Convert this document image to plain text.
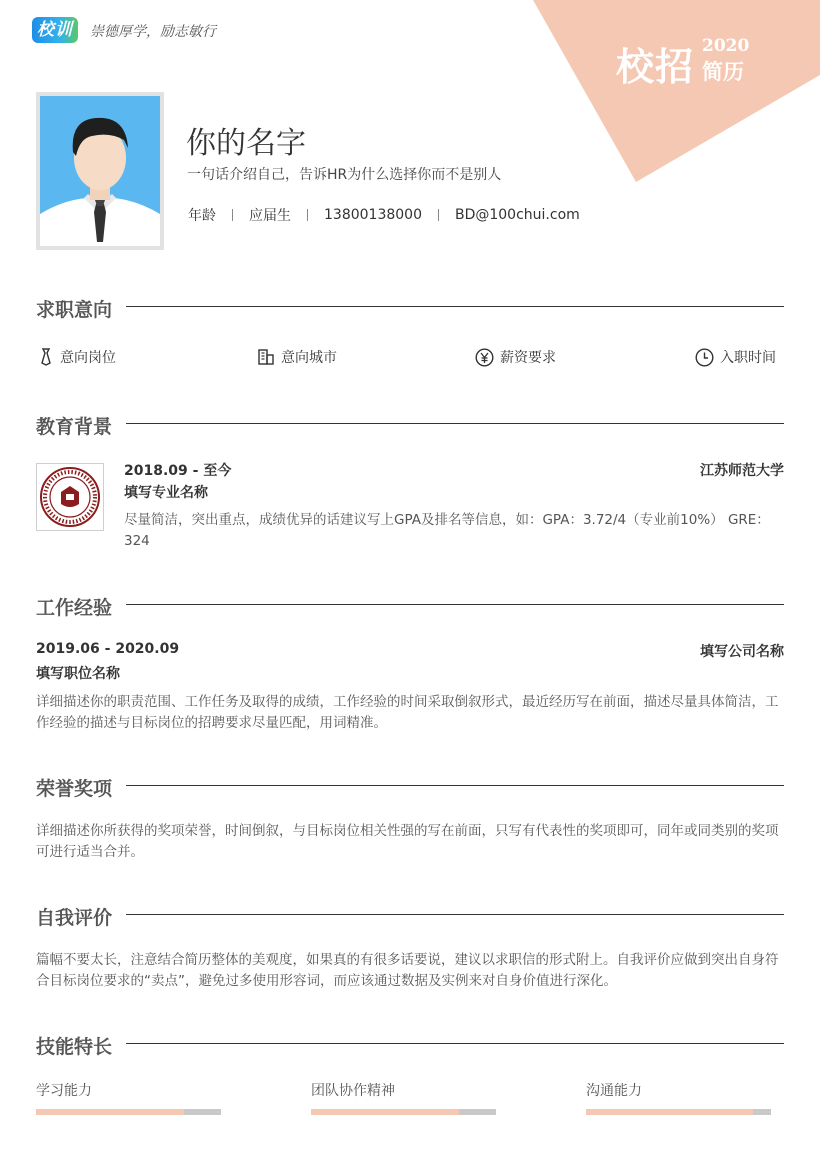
校训	崇德厚学，励志敏行
校招 2020
简历
你的名字
一句话介绍自己，告诉HR为什么选择你而不是别人
年龄 应届生 13800138000 BD@100chui.com
求职意向
意向岗位	意向城市	薪资要求	入职时间
教育背景
2018.09 - 至今	江苏师范大学
填写专业名称
尽量简洁，突出重点，成绩优异的话建议写上GPA及排名等信息，如：GPA：3.72/4（专业前10%） GRE：324
工作经验
2019.06 - 2020.09	填写公司名称
填写职位名称
详细描述你的职责范围、工作任务及取得的成绩，工作经验的时间采取倒叙形式，最近经历写在前面，描述尽量具体简洁，工作经验的描述与目标岗位的招聘要求尽量匹配，用词精准。
荣誉奖项
详细描述你所获得的奖项荣誉，时间倒叙，与目标岗位相关性强的写在前面，只写有代表性的奖项即可，同年或同类别的奖项可进行适当合并。
自我评价
篇幅不要太长，注意结合简历整体的美观度，如果真的有很多话要说，建议以求职信的形式附上。自我评价应做到突出自身符合目标岗位要求的“卖点”，避免过多使用形容词，而应该通过数据及实例来对自身价值进行深化。
技能特长
学习能力	团队协作精神	沟通能力
